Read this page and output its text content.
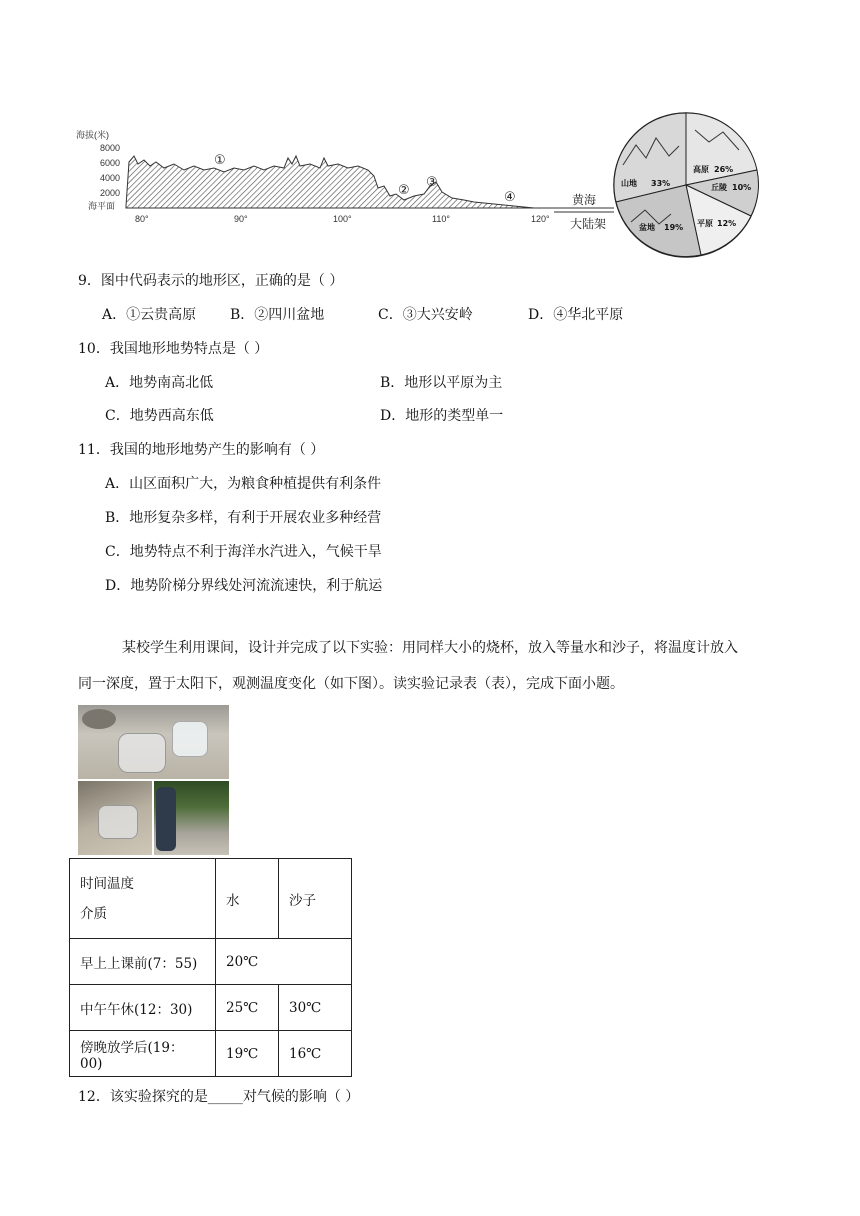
海拔(米)
8000
6000
4000
2000
海平面
①
②
③
④
80°	90°	100°	110°	120°
黄海
大陆架
山地 33%
高原 26%
丘陵 10%
平原 12%
盆地 19%
9．图中代码表示的地形区，正确的是（ ）
A．①云贵高原 B．②四川盆地	C．③大兴安岭	D．④华北平原
10．我国地形地势特点是（ ）
A．地势南高北低	B．地形以平原为主
C．地势西高东低	D．地形的类型单一
11．我国的地形地势产生的影响有（ ）
A．山区面积广大，为粮食种植提供有利条件
B．地形复杂多样，有利于开展农业多种经营
C．地势特点不利于海洋水汽进入，气候干旱
D．地势阶梯分界线处河流流速快，利于航运
某校学生利用课间，设计并完成了以下实验：用同样大小的烧杯，放入等量水和沙子，将温度计放入
同一深度，置于太阳下，观测温度变化（如下图）。读实验记录表（表），完成下面小题。
时间温度
介质	水	沙子
早上上课前(7：55)	20℃	
中午午休(12：30)	25℃	30℃
傍晚放学后(19：00)	19℃	16℃
12．该实验探究的是_____对气候的影响（ ）
